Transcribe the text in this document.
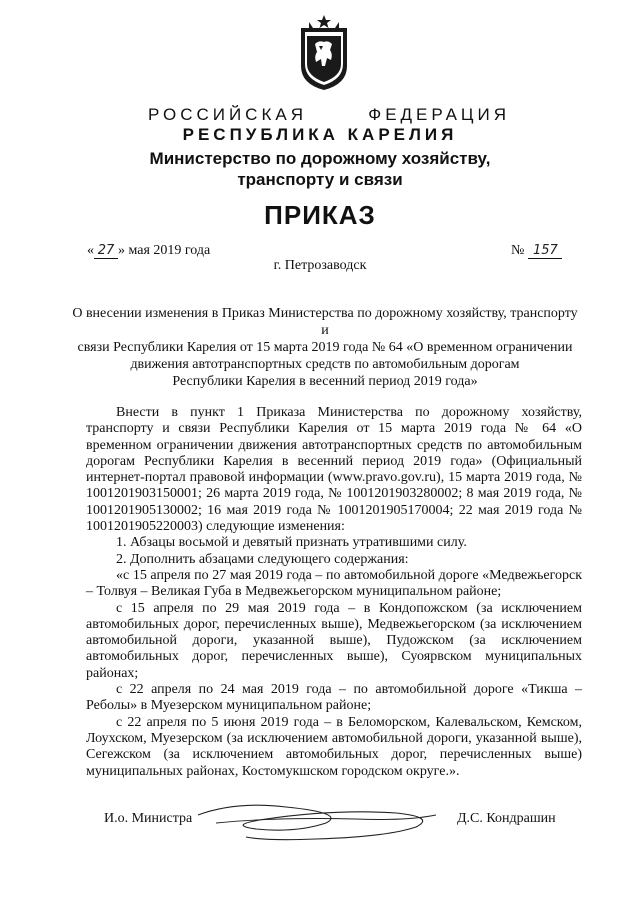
РОССИЙСКАЯ	ФЕДЕРАЦИЯ
РЕСПУБЛИКА КАРЕЛИЯ
Министерство по дорожному хозяйству,
транспорту и связи
ПРИКАЗ
« 27 » мая 2019 года	№ 157
г. Петрозаводск
О внесении изменения в Приказ Министерства по дорожному хозяйству, транспорту и
связи Республики Карелия от 15 марта 2019 года № 64 «О временном ограничении
движения автотранспортных средств по автомобильным дорогам
Республики Карелия в весенний период 2019 года»

Внести в пункт 1 Приказа Министерства по дорожному хозяйству, транспорту и связи Республики Карелия от 15 марта 2019 года № 64 «О временном ограничении движения автотранспортных средств по автомобильным дорогам Республики Карелия в весенний период 2019 года» (Официальный интернет-портал правовой информации (www.pravo.gov.ru), 15 марта 2019 года, № 1001201903150001; 26 марта 2019 года, № 1001201903280002; 8 мая 2019 года, № 1001201905130002; 16 мая 2019 года № 1001201905170004; 22 мая 2019 года № 1001201905220003) следующие изменения:

1. Абзацы восьмой и девятый признать утратившими силу.

2. Дополнить абзацами следующего содержания:

«с 15 апреля по 27 мая 2019 года – по автомобильной дороге «Медвежьегорск – Толвуя – Великая Губа в Медвежьегорском муниципальном районе;

с 15 апреля по 29 мая 2019 года – в Кондопожском (за исключением автомобильных дорог, перечисленных выше), Медвежьегорском (за исключением автомобильной дороги, указанной выше), Пудожском (за исключением автомобильных дорог, перечисленных выше), Суоярвском муниципальных районах;

с 22 апреля по 24 мая 2019 года – по автомобильной дороге «Тикша – Реболы» в Муезерском муниципальном районе;

с 22 апреля по 5 июня 2019 года – в Беломорском, Калевальском, Кемском, Лоухском, Муезерском (за исключением автомобильной дороги, указанной выше), Сегежском (за исключением автомобильных дорог, перечисленных выше) муниципальных районах, Костомукшском городском округе.».

И.о. Министра	Д.С. Кондрашин
